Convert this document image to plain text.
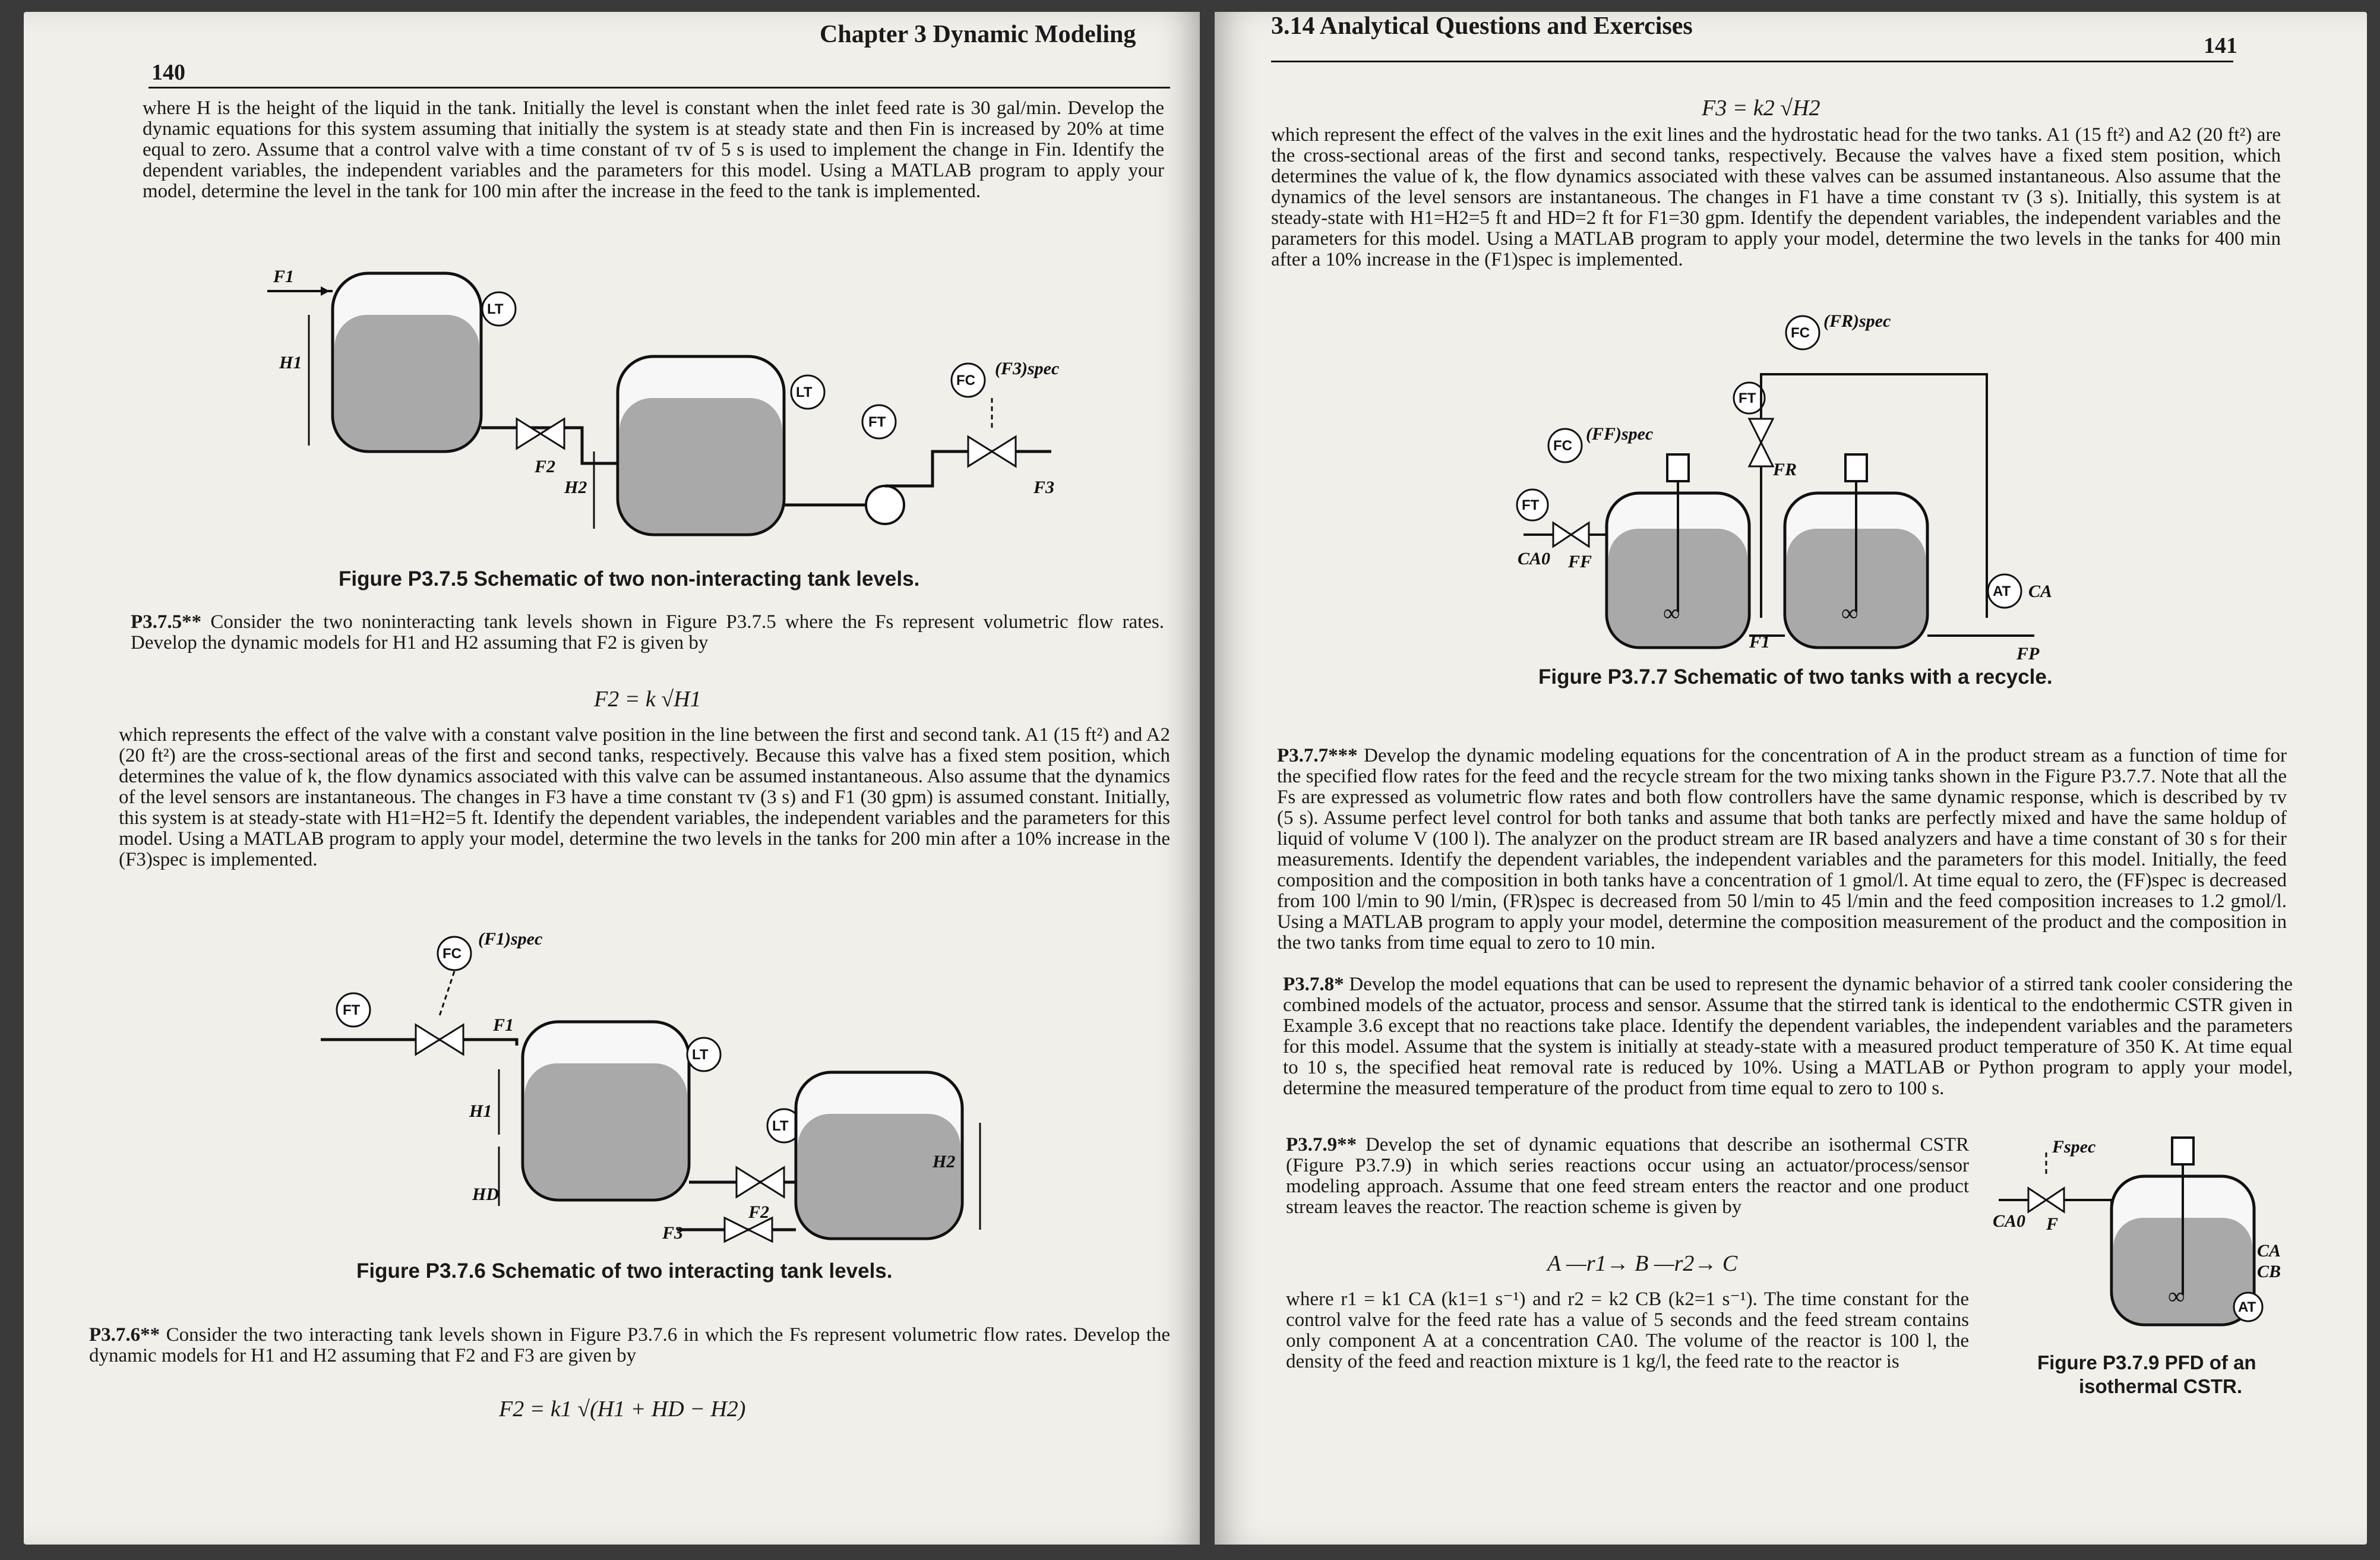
140
Chapter 3 Dynamic Modeling
where H is the height of the liquid in the tank. Initially the level is constant when the inlet feed rate is 30 gal/min. Develop the dynamic equations for this system assuming that initially the system is at steady state and then Fin is increased by 20% at time equal to zero. Assume that a control valve with a time constant of τv of 5 s is used to implement the change in Fin. Identify the dependent variables, the independent variables and the parameters for this model. Using a MATLAB program to apply your model, determine the level in the tank for 100 min after the increase in the feed to the tank is implemented.
F1
H1
LT
F2
H2
LT
FT
FC
(F3)spec
F3
Figure P3.7.5 Schematic of two non-interacting tank levels.
P3.7.5** Consider the two noninteracting tank levels shown in Figure P3.7.5 where the Fs represent volumetric flow rates. Develop the dynamic models for H1 and H2 assuming that F2 is given by
F2 = k √H1
which represents the effect of the valve with a constant valve position in the line between the first and second tank. A1 (15 ft²) and A2 (20 ft²) are the cross-sectional areas of the first and second tanks, respectively. Because this valve has a fixed stem position, which determines the value of k, the flow dynamics associated with this valve can be assumed instantaneous. Also assume that the dynamics of the level sensors are instantaneous. The changes in F3 have a time constant τv (3 s) and F1 (30 gpm) is assumed constant. Initially, this system is at steady-state with H1=H2=5 ft. Identify the dependent variables, the independent variables and the parameters for this model. Using a MATLAB program to apply your model, determine the two levels in the tanks for 200 min after a 10% increase in the (F3)spec is implemented.
FC
(F1)spec
FT
F1
LT
H1
HD
F2
LT
H2
F3
Figure P3.7.6 Schematic of two interacting tank levels.
P3.7.6** Consider the two interacting tank levels shown in Figure P3.7.6 in which the Fs represent volumetric flow rates. Develop the dynamic models for H1 and H2 assuming that F2 and F3 are given by
F2 = k1 √(H1 + HD − H2)
3.14 Analytical Questions and Exercises
141
F3 = k2 √H2
which represent the effect of the valves in the exit lines and the hydrostatic head for the two tanks. A1 (15 ft²) and A2 (20 ft²) are the cross-sectional areas of the first and second tanks, respectively. Because the valves have a fixed stem position, which determines the value of k, the flow dynamics associated with these valves can be assumed instantaneous. Also assume that the dynamics of the level sensors are instantaneous. The changes in F1 have a time constant τv (3 s). Initially, this system is at steady-state with H1=H2=5 ft and HD=2 ft for F1=30 gpm. Identify the dependent variables, the independent variables and the parameters for this model. Using a MATLAB program to apply your model, determine the two levels in the tanks for 400 min after a 10% increase in the (F1)spec is implemented.
FC
(FR)spec
FT
FR
FC
(FF)spec
FT
CA0 FF
∞
F1
∞
AT CA
FP
Figure P3.7.7 Schematic of two tanks with a recycle.
P3.7.7*** Develop the dynamic modeling equations for the concentration of A in the product stream as a function of time for the specified flow rates for the feed and the recycle stream for the two mixing tanks shown in the Figure P3.7.7. Note that all the Fs are expressed as volumetric flow rates and both flow controllers have the same dynamic response, which is described by τv (5 s). Assume perfect level control for both tanks and assume that both tanks are perfectly mixed and have the same holdup of liquid of volume V (100 l). The analyzer on the product stream are IR based analyzers and have a time constant of 30 s for their measurements. Identify the dependent variables, the independent variables and the parameters for this model. Initially, the feed composition and the composition in both tanks have a concentration of 1 gmol/l. At time equal to zero, the (FF)spec is decreased from 100 l/min to 90 l/min, (FR)spec is decreased from 50 l/min to 45 l/min and the feed composition increases to 1.2 gmol/l. Using a MATLAB program to apply your model, determine the composition measurement of the product and the composition in the two tanks from time equal to zero to 10 min.
P3.7.8* Develop the model equations that can be used to represent the dynamic behavior of a stirred tank cooler considering the combined models of the actuator, process and sensor. Assume that the stirred tank is identical to the endothermic CSTR given in Example 3.6 except that no reactions take place. Identify the dependent variables, the independent variables and the parameters for this model. Assume that the system is initially at steady-state with a measured product temperature of 350 K. At time equal to 10 s, the specified heat removal rate is reduced by 10%. Using a MATLAB or Python program to apply your model, determine the measured temperature of the product from time equal to zero to 100 s.
P3.7.9** Develop the set of dynamic equations that describe an isothermal CSTR (Figure P3.7.9) in which series reactions occur using an actuator/process/sensor modeling approach. Assume that one feed stream enters the reactor and one product stream leaves the reactor. The reaction scheme is given by
A —r1→ B —r2→ C
where r1 = k1 CA (k1=1 s⁻¹) and r2 = k2 CB (k2=1 s⁻¹). The time constant for the control valve for the feed rate has a value of 5 seconds and the feed stream contains only component A at a concentration CA0. The volume of the reactor is 100 l, the density of the feed and reaction mixture is 1 kg/l, the feed rate to the reactor is
Fspec
CA0 F
∞
CA
CB
AT
Figure P3.7.9 PFD of an
isothermal CSTR.
